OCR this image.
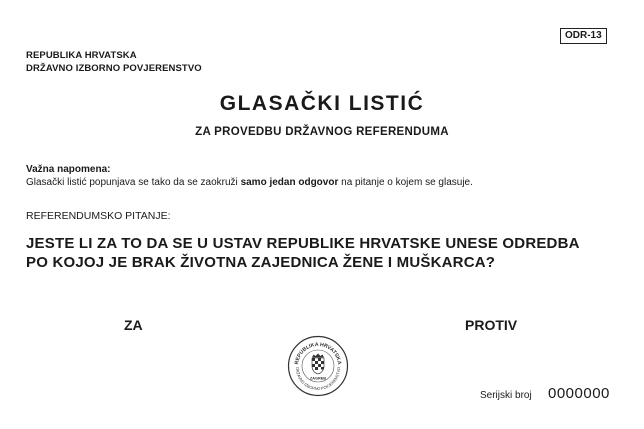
ODR-13
REPUBLIKA HRVATSKA
DRŽAVNO IZBORNO POVJERENSTVO
GLASAČKI LISTIĆ
ZA PROVEDBU DRŽAVNOG REFERENDUMA
Važna napomena:
Glasački listić popunjava se tako da se zaokruži samo jedan odgovor na pitanje o kojem se glasuje.
REFERENDUMSKO PITANJE:
JESTE LI ZA TO DA SE U USTAV REPUBLIKE HRVATSKE UNESE ODREDBA
PO KOJOJ JE BRAK ŽIVOTNA ZAJEDNICA ŽENE I MUŠKARCA?
ZA	PROTIV
REPUBLIKA HRVATSKA
DRŽAVNO IZBORNO POVJERENSTVO
ZAGREB
Serijski broj 0000000
